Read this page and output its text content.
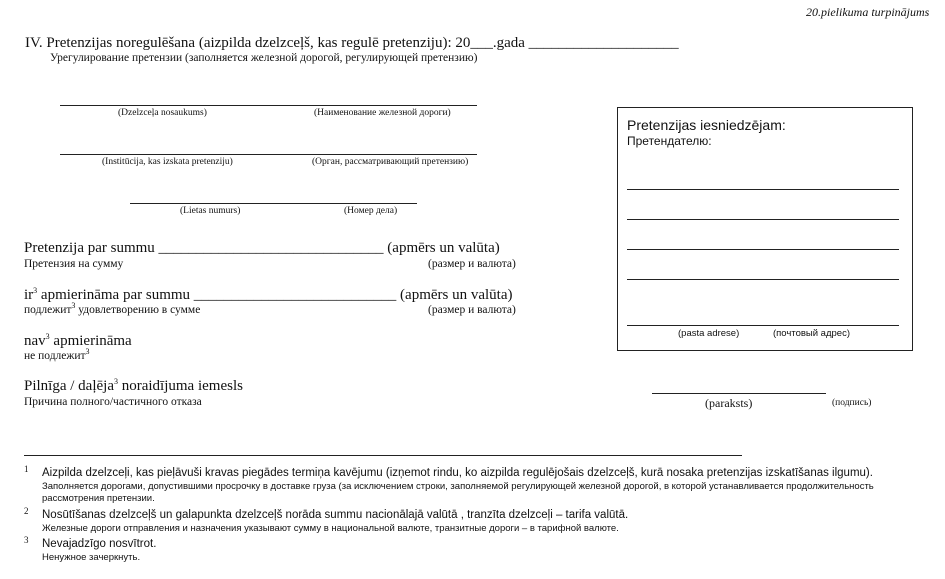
20.pielikuma turpinājums
IV. Pretenzijas noregulēšana (aizpilda dzelzceļš, kas regulē pretenziju): 20___.gada ____________________
Урегулирование претензии (заполняется железной дорогой, регулирующей претензию)
(Dzelzceļa nosaukums)	(Наименование железной дороги)
(Institūcija, kas izskata pretenziju)	(Орган, рассматривающий претензию)
(Lietas numurs)	(Номер дела)
Pretenzija par summu ______________________________ (apmērs un valūta)
Претензия на сумму	(размер и валюта)
$ir^3$ apmierināma par summu ___________________________ (apmērs un valūta)
подлежит$^3$ удовлетворению в сумме	(размер и валюта)
nav$^3$ apmierināma
не подлежит$^3$
Pilnīga / daļēja$^3$ noraidījuma iemesls
Причина полного/частичного отказа	(paraksts)	(подпись)
Pretenzijas iesniedzējam:
Претендателю:
(pasta adrese)	(почтовый адрес)
1 Aizpilda dzelzceļi, kas pieļāvuši kravas piegādes termiņa kavējumu (izņemot rindu, ko aizpilda regulējošais dzelzceļš, kurā nosaka pretenzijas izskatīšanas ilgumu).
Заполняется дорогами, допустившими просрочку в доставке груза (за исключением строки, заполняемой регулирующей железной дорогой, в которой устанавливается продолжительность
рассмотрения претензии.
2 Nosūtīšanas dzelzceļš un galapunkta dzelzceļš norāda summu nacionālajā valūtā , tranzīta dzelzceļi – tarifa valūtā.
Железные дороги отправления и назначения указывают сумму в национальной валюте, транзитные дороги – в тарифной валюте.
3 Nevajadzīgo nosvītrot.
Ненужное зачеркнуть.
